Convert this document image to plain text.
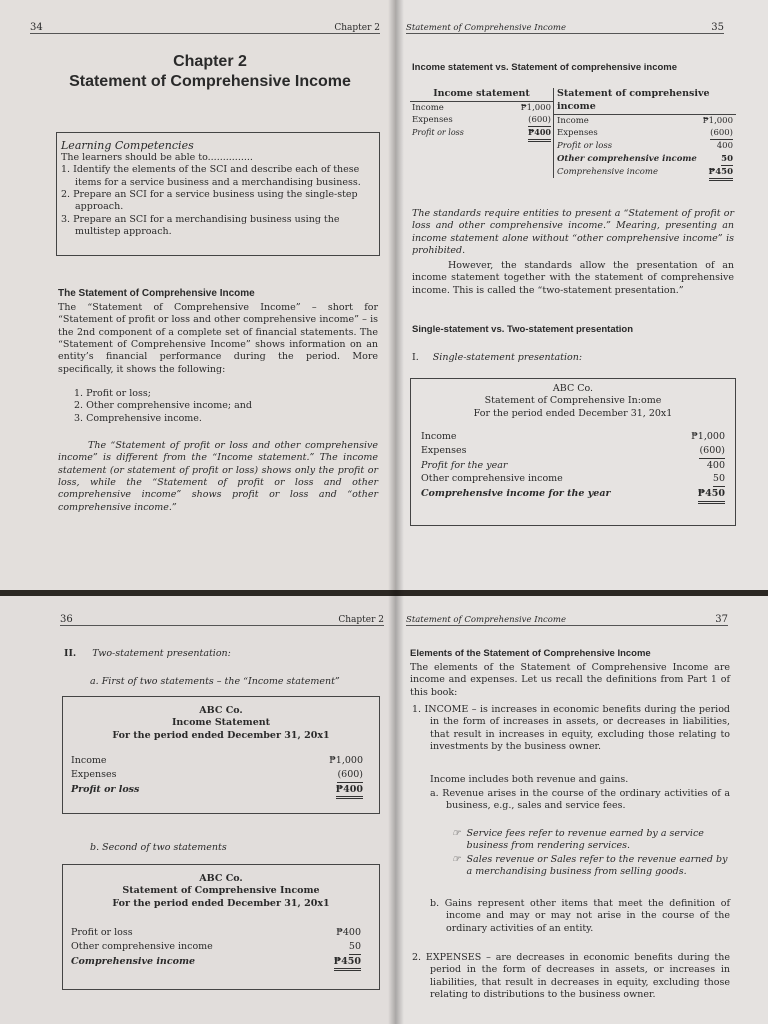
34	Chapter 2
Chapter 2
Statement of Comprehensive Income
Learning Competencies
The learners should be able to...............
1. Identify the elements of the SCI and describe each of these items for a service business and a merchandising business.
2. Prepare an SCI for a service business using the single-step approach.
3. Prepare an SCI for a merchandising business using the multistep approach.
The Statement of Comprehensive Income
The “Statement of Comprehensive Income” – short for “Statement of profit or loss and other comprehensive income” – is the 2nd component of a complete set of financial statements. The “Statement of Comprehensive Income” shows information on an entity’s financial performance during the period. More specifically, it shows the following:
1. Profit or loss;
2. Other comprehensive income; and
3. Comprehensive income.
The “Statement of profit or loss and other comprehensive income” is different from the “Income statement.” The income statement (or statement of profit or loss) shows only the profit or loss, while the “Statement of profit or loss and other comprehensive income” shows profit or loss and “other comprehensive income.”
Statement of Comprehensive Income	35
Income statement vs. Statement of comprehensive income
Income statement
Income	₱1,000
Expenses	(600)
Profit or loss	₱400
Statement of comprehensive income
Income	₱1,000
Expenses	(600)
Profit or loss	400
Other comprehensive income	50
Comprehensive income	₱450
The standards require entities to present a “Statement of profit or loss and other comprehensive income.” Mearing, presenting an income statement alone without “other comprehensive income” is prohibited.
However, the standards allow the presentation of an income statement together with the statement of comprehensive income. This is called the “two-statement presentation.”
Single-statement vs. Two-statement presentation
I. Single-statement presentation:
ABC Co.
Statement of Comprehensive In:ome
For the period ended December 31, 20x1
Income	₱1,000
Expenses	(600)
Profit for the year	400
Other comprehensive income	50
Comprehensive income for the year	₱450
36	Chapter 2
II. Two-statement presentation:
a. First of two statements – the “Income statement”
ABC Co.
Income Statement
For the period ended December 31, 20x1
Income	₱1,000
Expenses	(600)
Profit or loss	₱400
b. Second of two statements
ABC Co.
Statement of Comprehensive Income
For the period ended December 31, 20x1
Profit or loss	₱400
Other comprehensive income	50
Comprehensive income	₱450
Statement of Comprehensive Income	37
Elements of the Statement of Comprehensive Income
The elements of the Statement of Comprehensive Income are income and expenses. Let us recall the definitions from Part 1 of this book:
1. INCOME – is increases in economic benefits during the period in the form of increases in assets, or decreases in liabilities, that result in increases in equity, excluding those relating to investments by the business owner.
Income includes both revenue and gains.
a. Revenue arises in the course of the ordinary activities of a business, e.g., sales and service fees.
☞ Service fees refer to revenue earned by a service business from rendering services.
☞ Sales revenue or Sales refer to the revenue earned by a merchandising business from selling goods.
b. Gains represent other items that meet the definition of income and may or may not arise in the course of the ordinary activities of an entity.
2. EXPENSES – are decreases in economic benefits during the period in the form of decreases in assets, or increases in liabilities, that result in decreases in equity, excluding those relating to distributions to the business owner.
